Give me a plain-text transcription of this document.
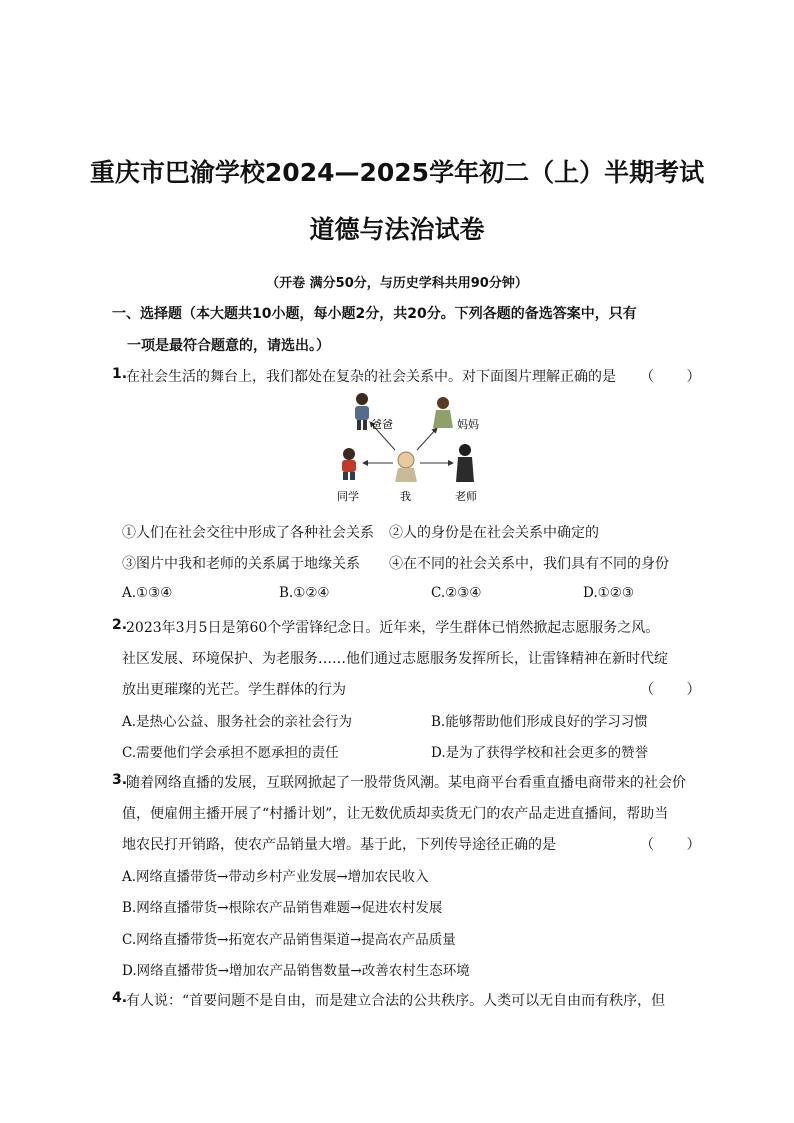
重庆市巴渝学校2024—2025学年初二（上）半期考试
道德与法治试卷
（开卷 满分50分，与历史学科共用90分钟）
一、选择题（本大题共10小题，每小题2分，共20分。下列各题的备选答案中，只有
一项是最符合题意的，请选出。）
1.
在社会生活的舞台上，我们都处在复杂的社会关系中。对下面图片理解正确的是 （ ）
爸爸	妈妈
同学	我	老师
①人们在社会交往中形成了各种社会关系 ②人的身份是在社会关系中确定的
③图片中我和老师的关系属于地缘关系 ④在不同的社会关系中，我们具有不同的身份
A.①③④	B.①②④	C.②③④	D.①②③
2.
2023年3月5日是第60个学雷锋纪念日。近年来，学生群体已悄然掀起志愿服务之风。
社区发展、环境保护、为老服务……他们通过志愿服务发挥所长，让雷锋精神在新时代绽
放出更璀璨的光芒。学生群体的行为	（ ）
A.是热心公益、服务社会的亲社会行为	B.能够帮助他们形成良好的学习习惯
C.需要他们学会承担不愿承担的责任	D.是为了获得学校和社会更多的赞誉
3.
随着网络直播的发展，互联网掀起了一股带货风潮。某电商平台看重直播电商带来的社会价
值，便雇佣主播开展了“村播计划”，让无数优质却卖货无门的农产品走进直播间，帮助当
地农民打开销路，使农产品销量大增。基于此，下列传导途径正确的是	（ ）
A.网络直播带货→带动乡村产业发展→增加农民收入
B.网络直播带货→根除农产品销售难题→促进农村发展
C.网络直播带货→拓宽农产品销售渠道→提高农产品质量
D.网络直播带货→增加农产品销售数量→改善农村生态环境
4.
有人说：“首要问题不是自由，而是建立合法的公共秩序。人类可以无自由而有秩序，但
